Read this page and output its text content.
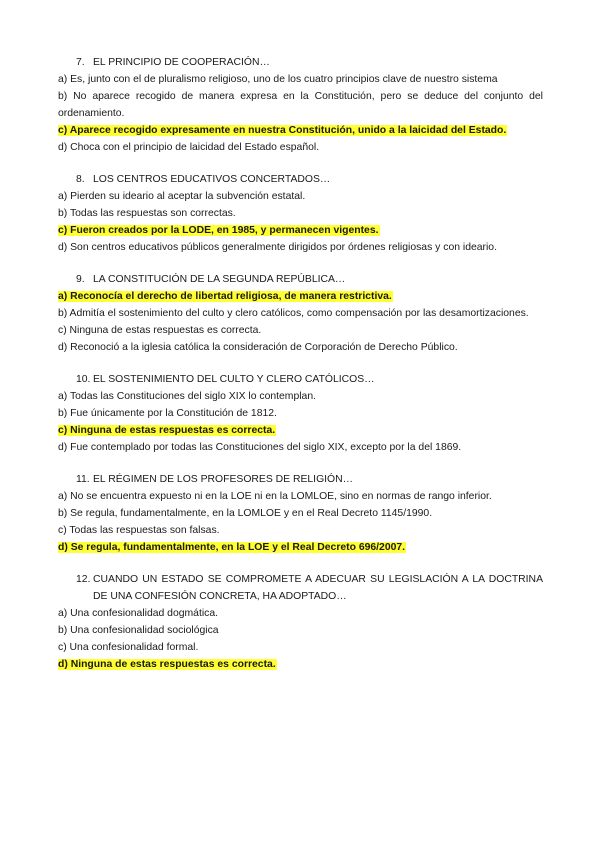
7. EL PRINCIPIO DE COOPERACIÓN…
a) Es, junto con el de pluralismo religioso, uno de los cuatro principios clave de nuestro sistema
b) No aparece recogido de manera expresa en la Constitución, pero se deduce del conjunto del ordenamiento.
c) Aparece recogido expresamente en nuestra Constitución, unido a la laicidad del Estado.
d) Choca con el principio de laicidad del Estado español.
8. LOS CENTROS EDUCATIVOS CONCERTADOS…
a) Pierden su ideario al aceptar la subvención estatal.
b) Todas las respuestas son correctas.
c) Fueron creados por la LODE, en 1985, y permanecen vigentes.
d) Son centros educativos públicos generalmente dirigidos por órdenes religiosas y con ideario.
9. LA CONSTITUCIÓN DE LA SEGUNDA REPÚBLICA…
a) Reconocía el derecho de libertad religiosa, de manera restrictiva.
b) Admitía el sostenimiento del culto y clero católicos, como compensación por las desamortizaciones.
c) Ninguna de estas respuestas es correcta.
d) Reconoció a la iglesia católica la consideración de Corporación de Derecho Público.
10. EL SOSTENIMIENTO DEL CULTO Y CLERO CATÓLICOS…
a) Todas las Constituciones del siglo XIX lo contemplan.
b) Fue únicamente por la Constitución de 1812.
c) Ninguna de estas respuestas es correcta.
d) Fue contemplado por todas las Constituciones del siglo XIX, excepto por la del 1869.
11. EL RÉGIMEN DE LOS PROFESORES DE RELIGIÓN…
a) No se encuentra expuesto ni en la LOE ni en la LOMLOE, sino en normas de rango inferior.
b) Se regula, fundamentalmente, en la LOMLOE y en el Real Decreto 1145/1990.
c) Todas las respuestas son falsas.
d) Se regula, fundamentalmente, en la LOE y el Real Decreto 696/2007.
12. CUANDO UN ESTADO SE COMPROMETE A ADECUAR SU LEGISLACIÓN A LA DOCTRINA DE UNA CONFESIÓN CONCRETA, HA ADOPTADO…
a) Una confesionalidad dogmática.
b) Una confesionalidad sociológica
c) Una confesionalidad formal.
d) Ninguna de estas respuestas es correcta.
